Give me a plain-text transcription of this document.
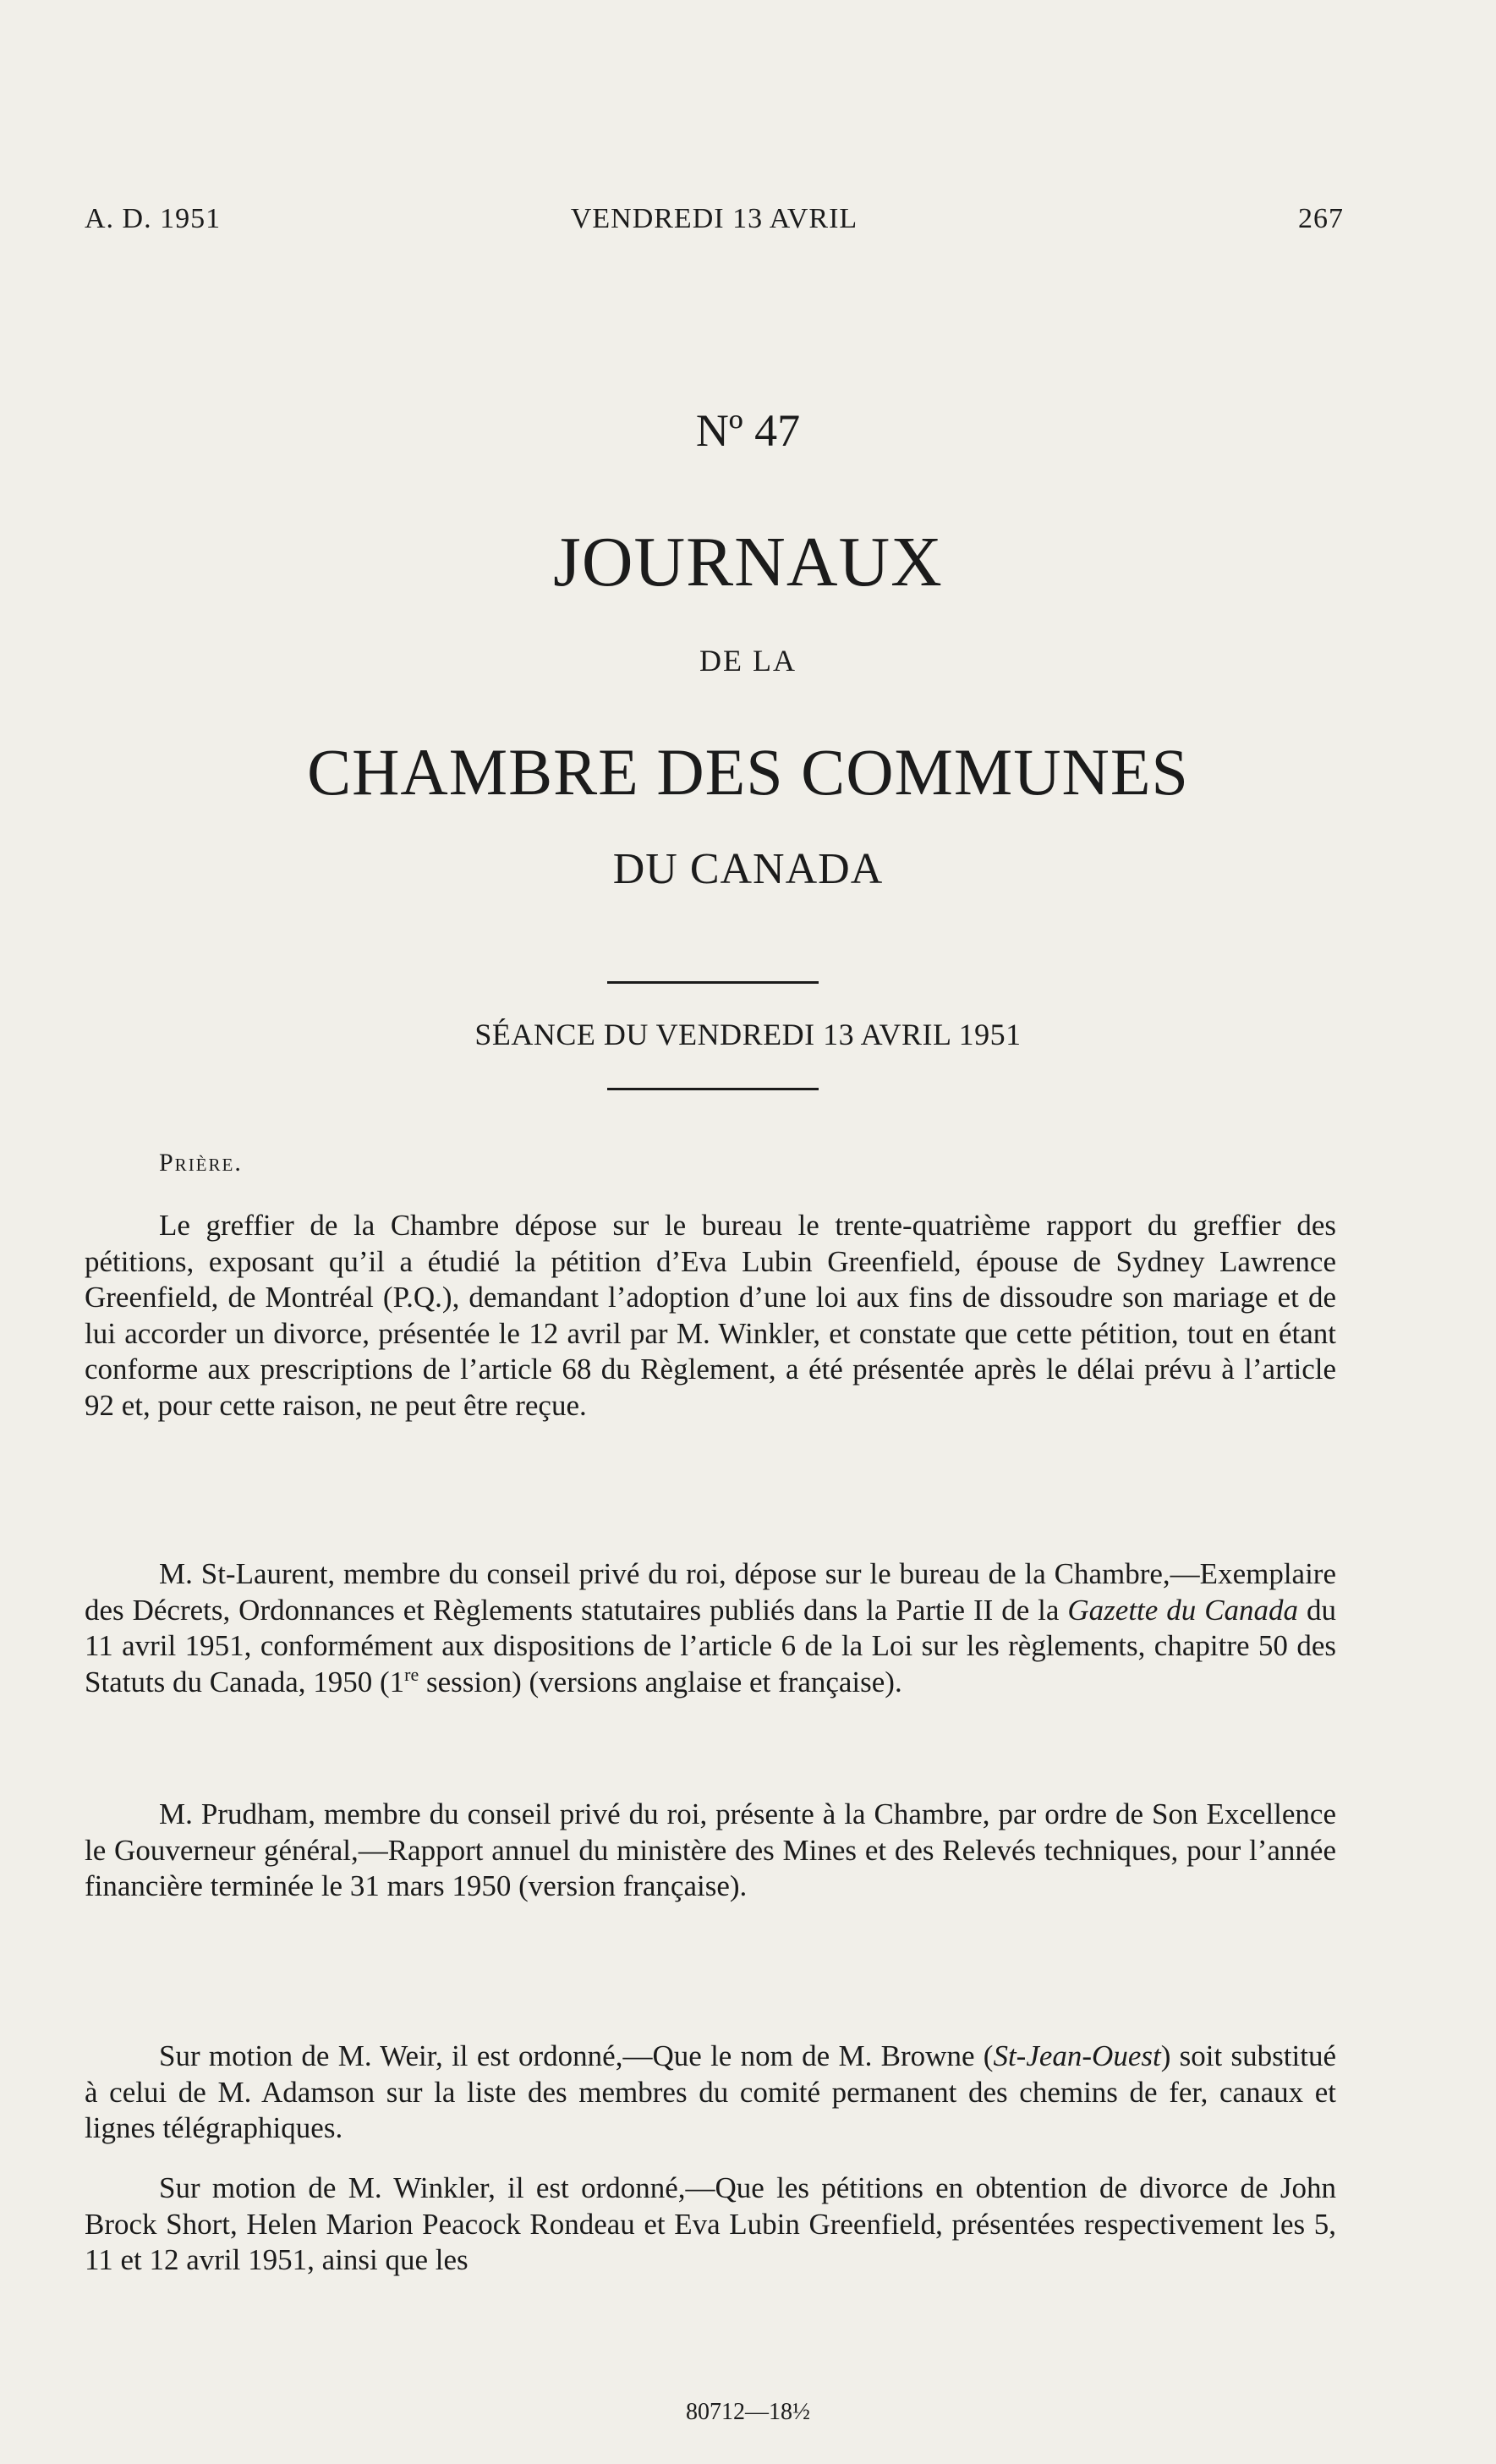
A. D. 1951	VENDREDI 13 AVRIL	267
Nº 47
JOURNAUX
DE LA
CHAMBRE DES COMMUNES
DU CANADA
SÉANCE DU VENDREDI 13 AVRIL 1951
Prière.

Le greffier de la Chambre dépose sur le bureau le trente-quatrième rapport du greffier des pétitions, exposant qu’il a étudié la pétition d’Eva Lubin Greenfield, épouse de Sydney Lawrence Greenfield, de Montréal (P.Q.), demandant l’adoption d’une loi aux fins de dissoudre son mariage et de lui accorder un divorce, présentée le 12 avril par M. Winkler, et constate que cette pétition, tout en étant conforme aux prescriptions de l’article 68 du Règlement, a été présentée après le délai prévu à l’article 92 et, pour cette raison, ne peut être reçue.

M. St-Laurent, membre du conseil privé du roi, dépose sur le bureau de la Chambre,—Exemplaire des Décrets, Ordonnances et Règlements statutaires publiés dans la Partie II de la Gazette du Canada du 11 avril 1951, conformément aux dispositions de l’article 6 de la Loi sur les règlements, chapitre 50 des Statuts du Canada, 1950 (1re session) (versions anglaise et française).

M. Prudham, membre du conseil privé du roi, présente à la Chambre, par ordre de Son Excellence le Gouverneur général,—Rapport annuel du ministère des Mines et des Relevés techniques, pour l’année financière terminée le 31 mars 1950 (version française).

Sur motion de M. Weir, il est ordonné,—Que le nom de M. Browne (St-Jean-Ouest) soit substitué à celui de M. Adamson sur la liste des membres du comité permanent des chemins de fer, canaux et lignes télégraphiques.

Sur motion de M. Winkler, il est ordonné,—Que les pétitions en obtention de divorce de John Brock Short, Helen Marion Peacock Rondeau et Eva Lubin Greenfield, présentées respectivement les 5, 11 et 12 avril 1951, ainsi que les

80712—18½
